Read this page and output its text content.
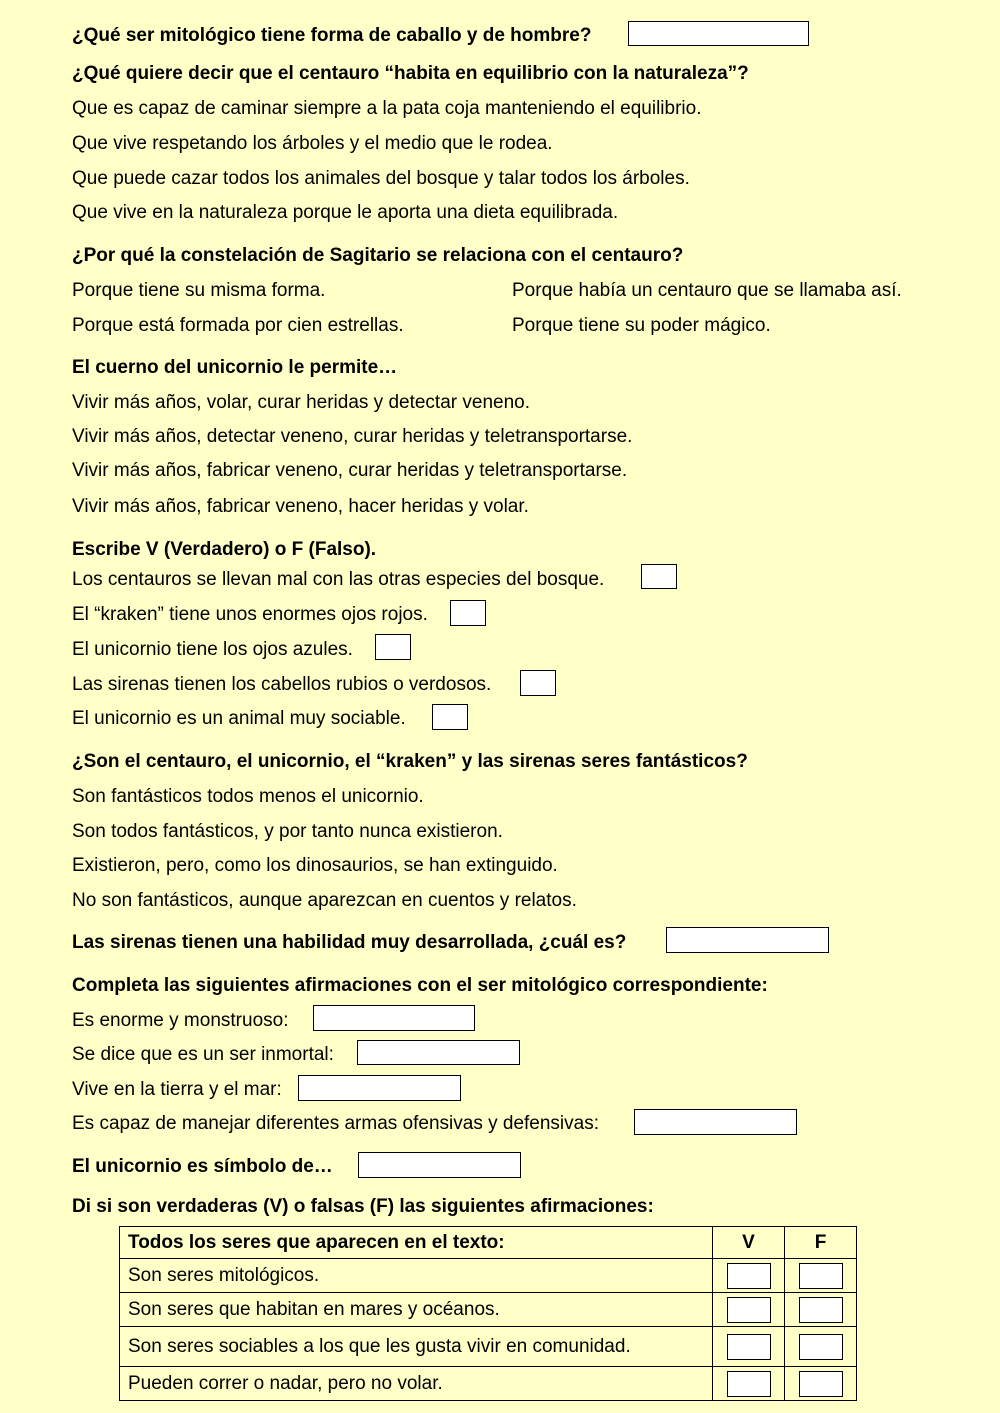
¿Qué ser mitológico tiene forma de caballo y de hombre?
¿Qué quiere decir que el centauro “habita en equilibrio con la naturaleza”?
Que es capaz de caminar siempre a la pata coja manteniendo el equilibrio.
Que vive respetando los árboles y el medio que le rodea.
Que puede cazar todos los animales del bosque y talar todos los árboles.
Que vive en la naturaleza porque le aporta una dieta equilibrada.
¿Por qué la constelación de Sagitario se relaciona con el centauro?
Porque tiene su misma forma.	Porque había un centauro que se llamaba así.
Porque está formada por cien estrellas.	Porque tiene su poder mágico.
El cuerno del unicornio le permite…
Vivir más años, volar, curar heridas y detectar veneno.
Vivir más años, detectar veneno, curar heridas y teletransportarse.
Vivir más años, fabricar veneno, curar heridas y teletransportarse.
Vivir más años, fabricar veneno, hacer heridas y volar.
Escribe V (Verdadero) o F (Falso).
Los centauros se llevan mal con las otras especies del bosque.
El “kraken” tiene unos enormes ojos rojos.
El unicornio tiene los ojos azules.
Las sirenas tienen los cabellos rubios o verdosos.
El unicornio es un animal muy sociable.
¿Son el centauro, el unicornio, el “kraken” y las sirenas seres fantásticos?
Son fantásticos todos menos el unicornio.
Son todos fantásticos, y por tanto nunca existieron.
Existieron, pero, como los dinosaurios, se han extinguido.
No son fantásticos, aunque aparezcan en cuentos y relatos.
Las sirenas tienen una habilidad muy desarrollada, ¿cuál es?
Completa las siguientes afirmaciones con el ser mitológico correspondiente:
Es enorme y monstruoso:
Se dice que es un ser inmortal:
Vive en la tierra y el mar:
Es capaz de manejar diferentes armas ofensivas y defensivas:
El unicornio es símbolo de…
Di si son verdaderas (V) o falsas (F) las siguientes afirmaciones:
Todos los seres que aparecen en el texto:	V	F
Son seres mitológicos.		
Son seres que habitan en mares y océanos.		
Son seres sociables a los que les gusta vivir en comunidad.		
Pueden correr o nadar, pero no volar.		
